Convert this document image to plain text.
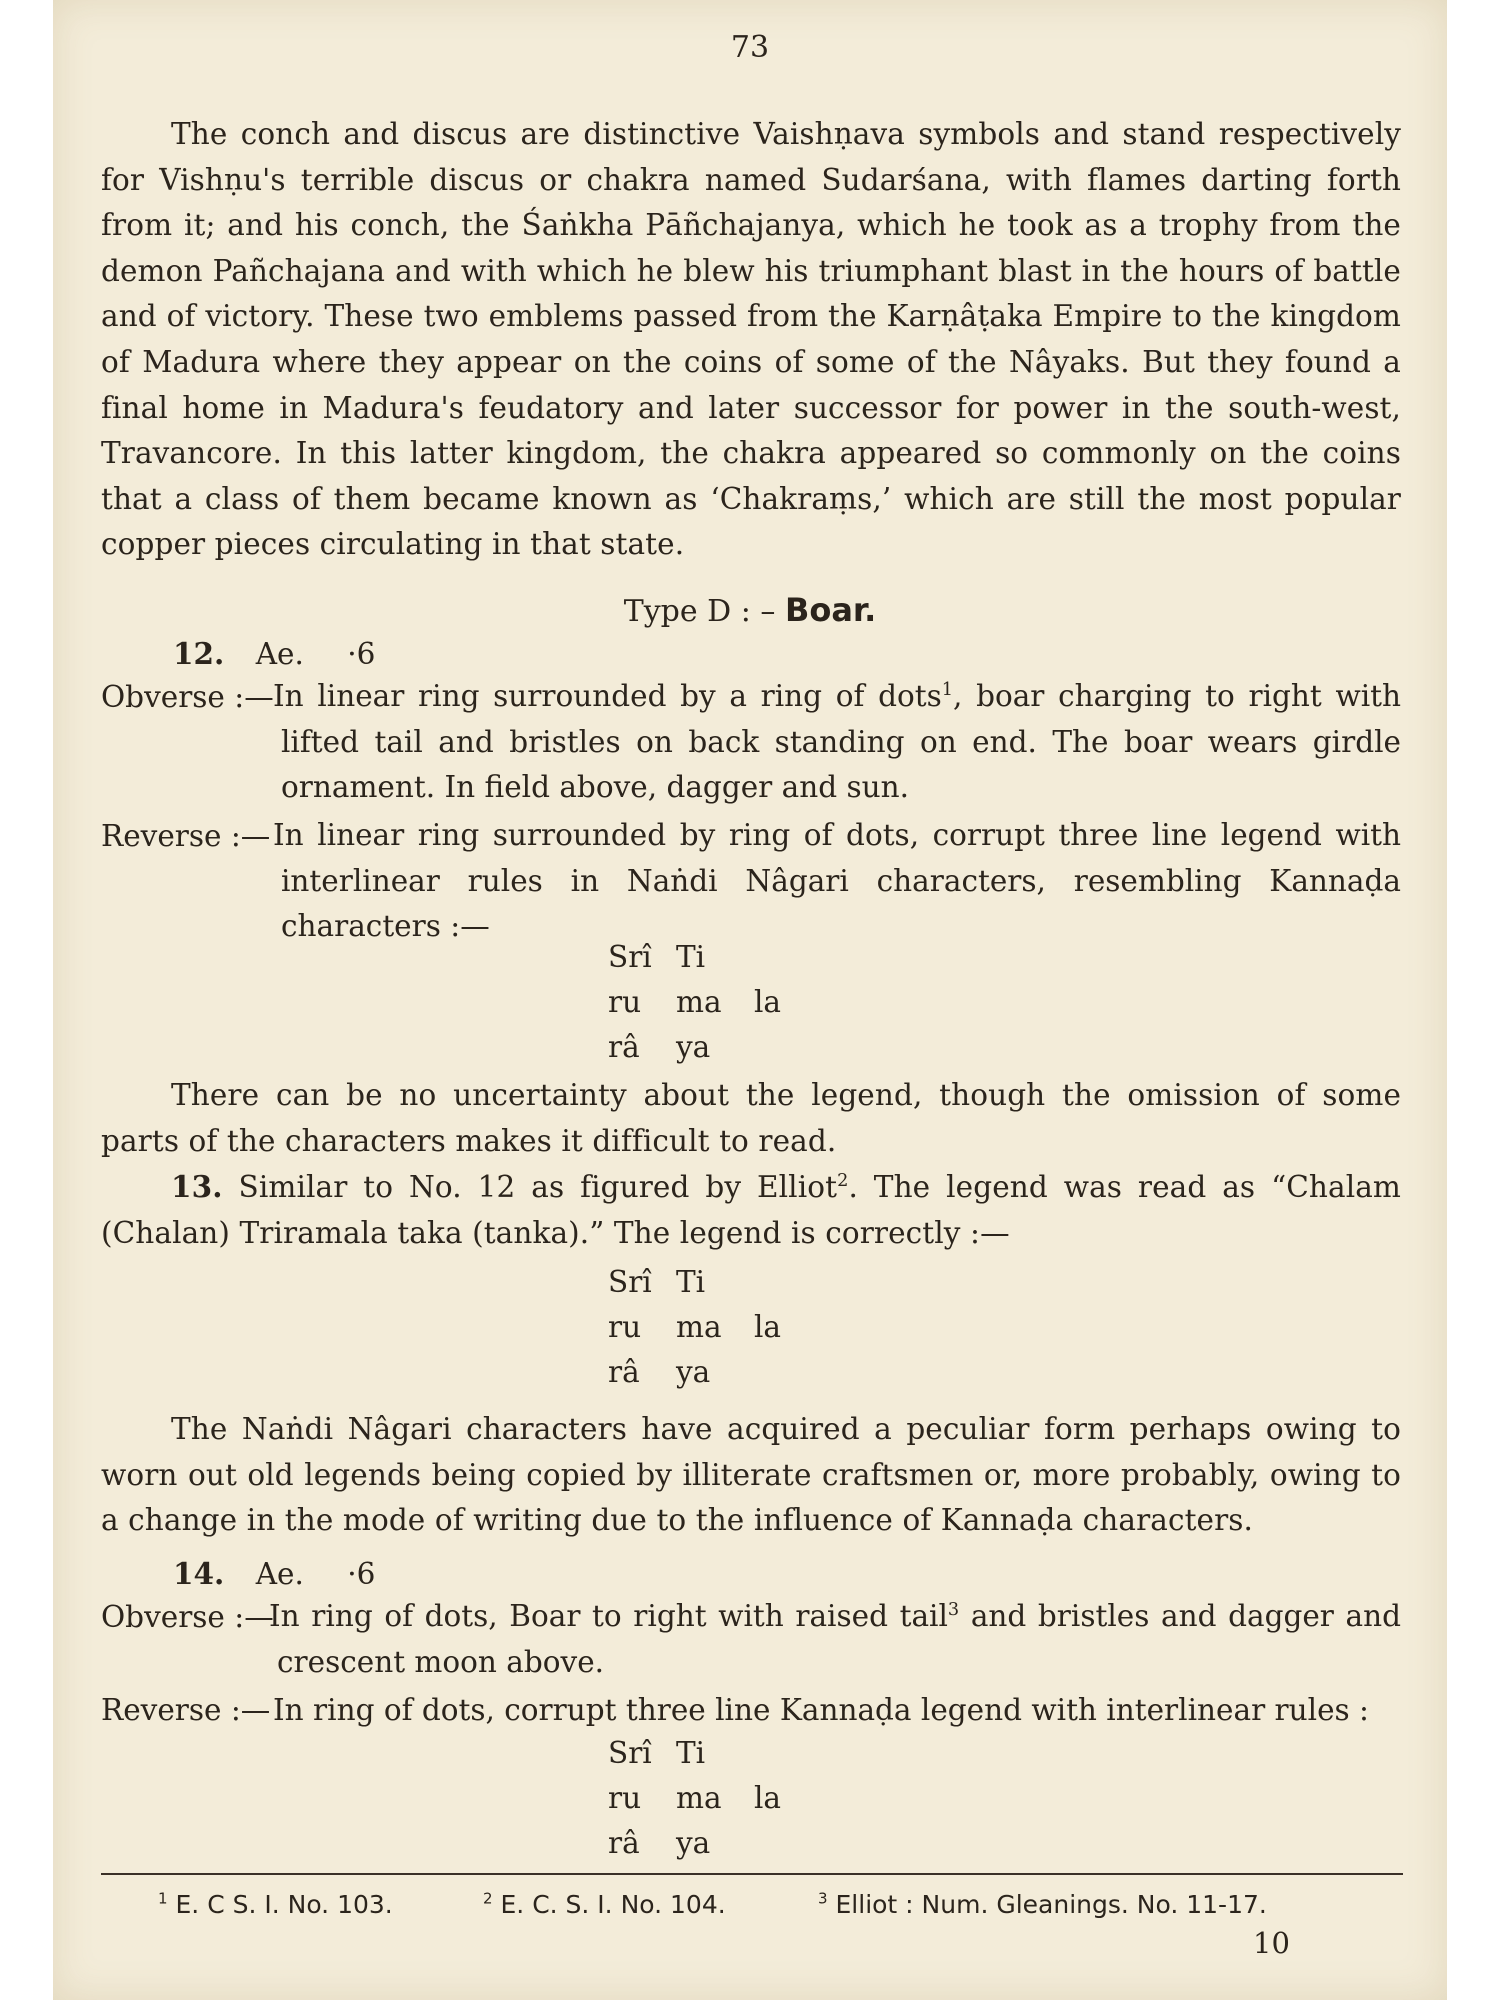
73
The conch and discus are distinctive Vaishṇava symbols and stand respectively for Vishṇu's terrible discus or chakra named Sudarśana, with flames darting forth from it; and his conch, the Śaṅkha Pāñchajanya, which he took as a trophy from the demon Pañchajana and with which he blew his triumphant blast in the hours of battle and of victory. These two emblems passed from the Karṇâṭaka Empire to the kingdom of Madura where they appear on the coins of some of the Nâyaks. But they found a final home in Madura's feudatory and later successor for power in the south-west, Travancore. In this latter kingdom, the chakra appeared so commonly on the coins that a class of them became known as ‘Chakraṃs,’ which are still the most popular copper pieces circulating in that state.
Type D : – Boar.
12. Ae. ·6
Obverse :— In linear ring surrounded by a ring of dots$^1$, boar charging to right with lifted tail and bristles on back standing on end. The boar wears girdle ornament. In field above, dagger and sun.
Reverse :— In linear ring surrounded by ring of dots, corrupt three line legend with interlinear rules in Naṅdi Nâgari characters, resembling Kannaḍa characters :—
Srî Ti
ru ma la
râ ya
There can be no uncertainty about the legend, though the omission of some parts of the characters makes it difficult to read.
13. Similar to No. 12 as figured by Elliot$^2$. The legend was read as “Chalam (Chalan) Triramala taka (tanka).” The legend is correctly :—
Srî Ti
ru ma la
râ ya
The Naṅdi Nâgari characters have acquired a peculiar form perhaps owing to worn out old legends being copied by illiterate craftsmen or, more probably, owing to a change in the mode of writing due to the influence of Kannaḍa characters.
14. Ae. ·6
Obverse :—
In ring of dots, Boar to right with raised tail$^3$ and bristles and dagger and crescent moon above.
Reverse :— In ring of dots, corrupt three line Kannaḍa legend with interlinear rules :
Srî Ti
ru ma la
râ ya
$^1$ E. C S. I. No. 103.	$^2$ E. C. S. I. No. 104.	$^3$ Elliot : Num. Gleanings. No. 11-17.
10
